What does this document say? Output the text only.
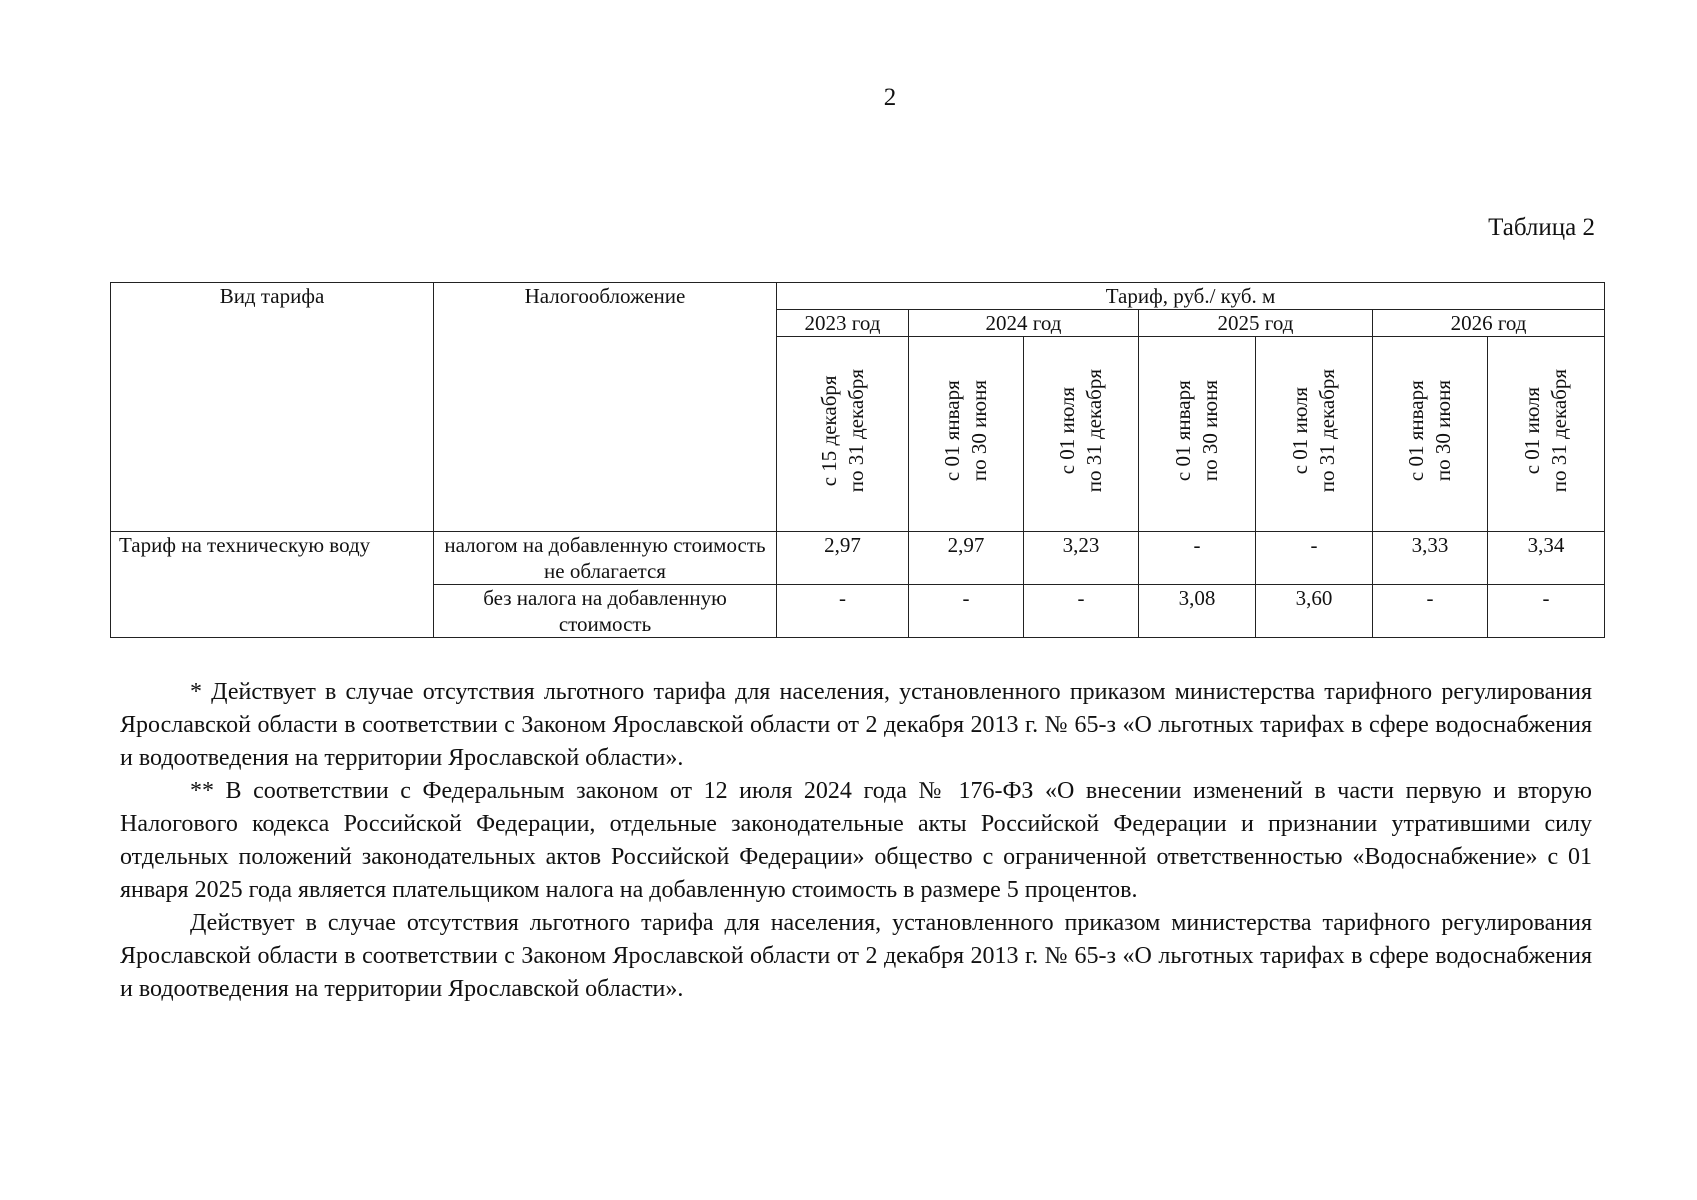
2
Таблица 2
Вид тарифа	Налогообложение	Тариф, руб./ куб. м						
		2023 год	2024 год		2025 год		2026 год	
		с 15 декабря по 31 декабря	с 01 января по 30 июня	с 01 июля по 31 декабря	с 01 января по 30 июня	с 01 июля по 31 декабря	с 01 января по 30 июня	с 01 июля по 31 декабря
Тариф на техническую воду	налогом на добавленную стоимость не облагается	2,97	2,97	3,23	-	-	3,33	3,34
	без налога на добавленную стоимость	-	-	-	3,08	3,60	-	-

* Действует в случае отсутствия льготного тарифа для населения, установленного приказом министерства тарифного регулирования Ярославской области в соответствии с Законом Ярославской области от 2 декабря 2013 г. № 65-з «О льготных тарифах в сфере водоснабжения и водоотведения на территории Ярославской области».

** В соответствии с Федеральным законом от 12 июля 2024 года № 176-ФЗ «О внесении изменений в части первую и вторую Налогового кодекса Российской Федерации, отдельные законодательные акты Российской Федерации и признании утратившими силу отдельных положений законодательных актов Российской Федерации» общество с ограниченной ответственностью «Водоснабжение» с 01 января 2025 года является плательщиком налога на добавленную стоимость в размере 5 процентов.

Действует в случае отсутствия льготного тарифа для населения, установленного приказом министерства тарифного регулирования Ярославской области в соответствии с Законом Ярославской области от 2 декабря 2013 г. № 65-з «О льготных тарифах в сфере водоснабжения и водоотведения на территории Ярославской области».
